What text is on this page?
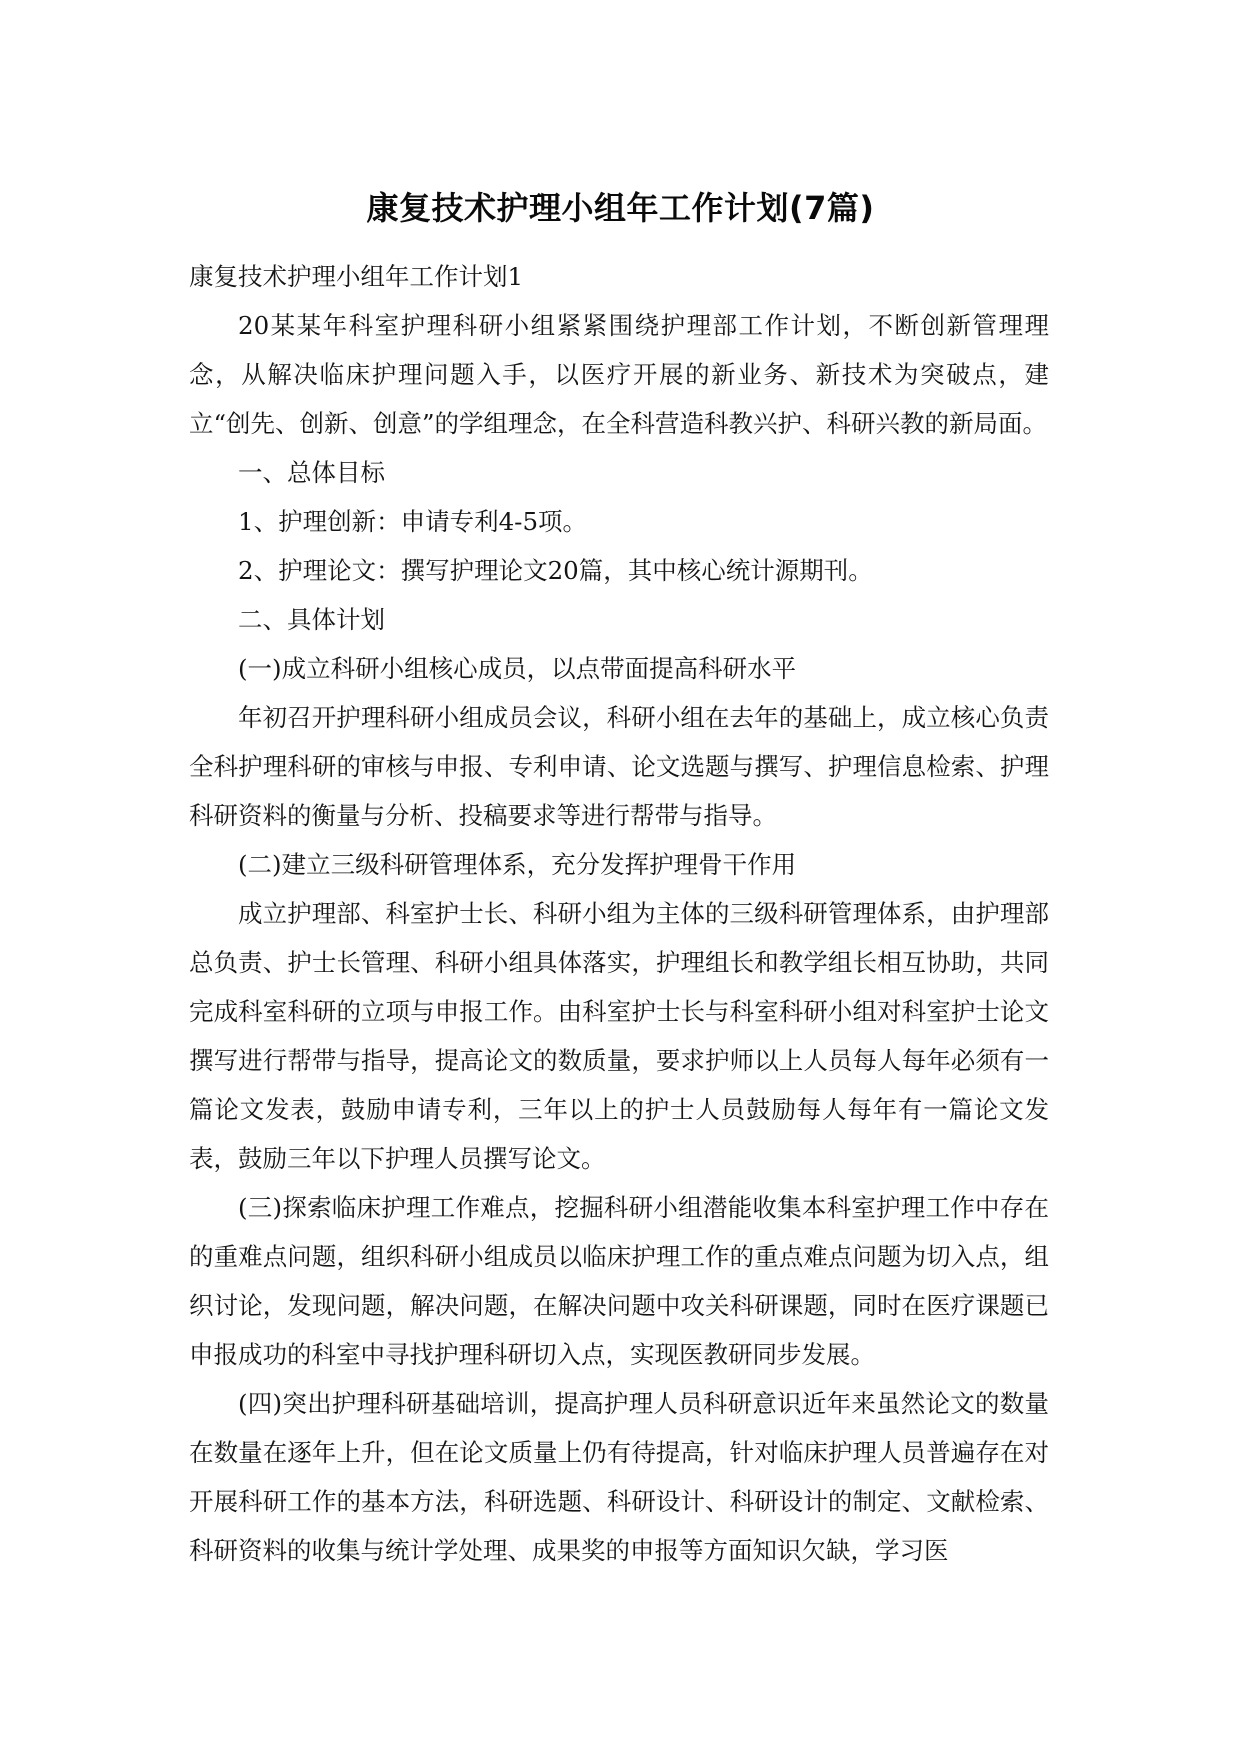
康复技术护理小组年工作计划(7篇)

康复技术护理小组年工作计划1

20某某年科室护理科研小组紧紧围绕护理部工作计划，不断创新管理理念，从解决临床护理问题入手，以医疗开展的新业务、新技术为突破点，建立“创先、创新、创意”的学组理念，在全科营造科教兴护、科研兴教的新局面。

一、总体目标

1、护理创新：申请专利4-5项。

2、护理论文：撰写护理论文20篇，其中核心统计源期刊。

二、具体计划

(一)成立科研小组核心成员，以点带面提高科研水平

年初召开护理科研小组成员会议，科研小组在去年的基础上，成立核心负责全科护理科研的审核与申报、专利申请、论文选题与撰写、护理信息检索、护理科研资料的衡量与分析、投稿要求等进行帮带与指导。

(二)建立三级科研管理体系，充分发挥护理骨干作用

成立护理部、科室护士长、科研小组为主体的三级科研管理体系，由护理部总负责、护士长管理、科研小组具体落实，护理组长和教学组长相互协助，共同完成科室科研的立项与申报工作。由科室护士长与科室科研小组对科室护士论文撰写进行帮带与指导，提高论文的数质量，要求护师以上人员每人每年必须有一篇论文发表，鼓励申请专利，三年以上的护士人员鼓励每人每年有一篇论文发表，鼓励三年以下护理人员撰写论文。

(三)探索临床护理工作难点，挖掘科研小组潜能收集本科室护理工作中存在的重难点问题，组织科研小组成员以临床护理工作的重点难点问题为切入点，组织讨论，发现问题，解决问题，在解决问题中攻关科研课题，同时在医疗课题已申报成功的科室中寻找护理科研切入点，实现医教研同步发展。

(四)突出护理科研基础培训，提高护理人员科研意识近年来虽然论文的数量在数量在逐年上升，但在论文质量上仍有待提高，针对临床护理人员普遍存在对开展科研工作的基本方法，科研选题、科研设计、科研设计的制定、文献检索、科研资料的收集与统计学处理、成果奖的申报等方面知识欠缺，学习医
